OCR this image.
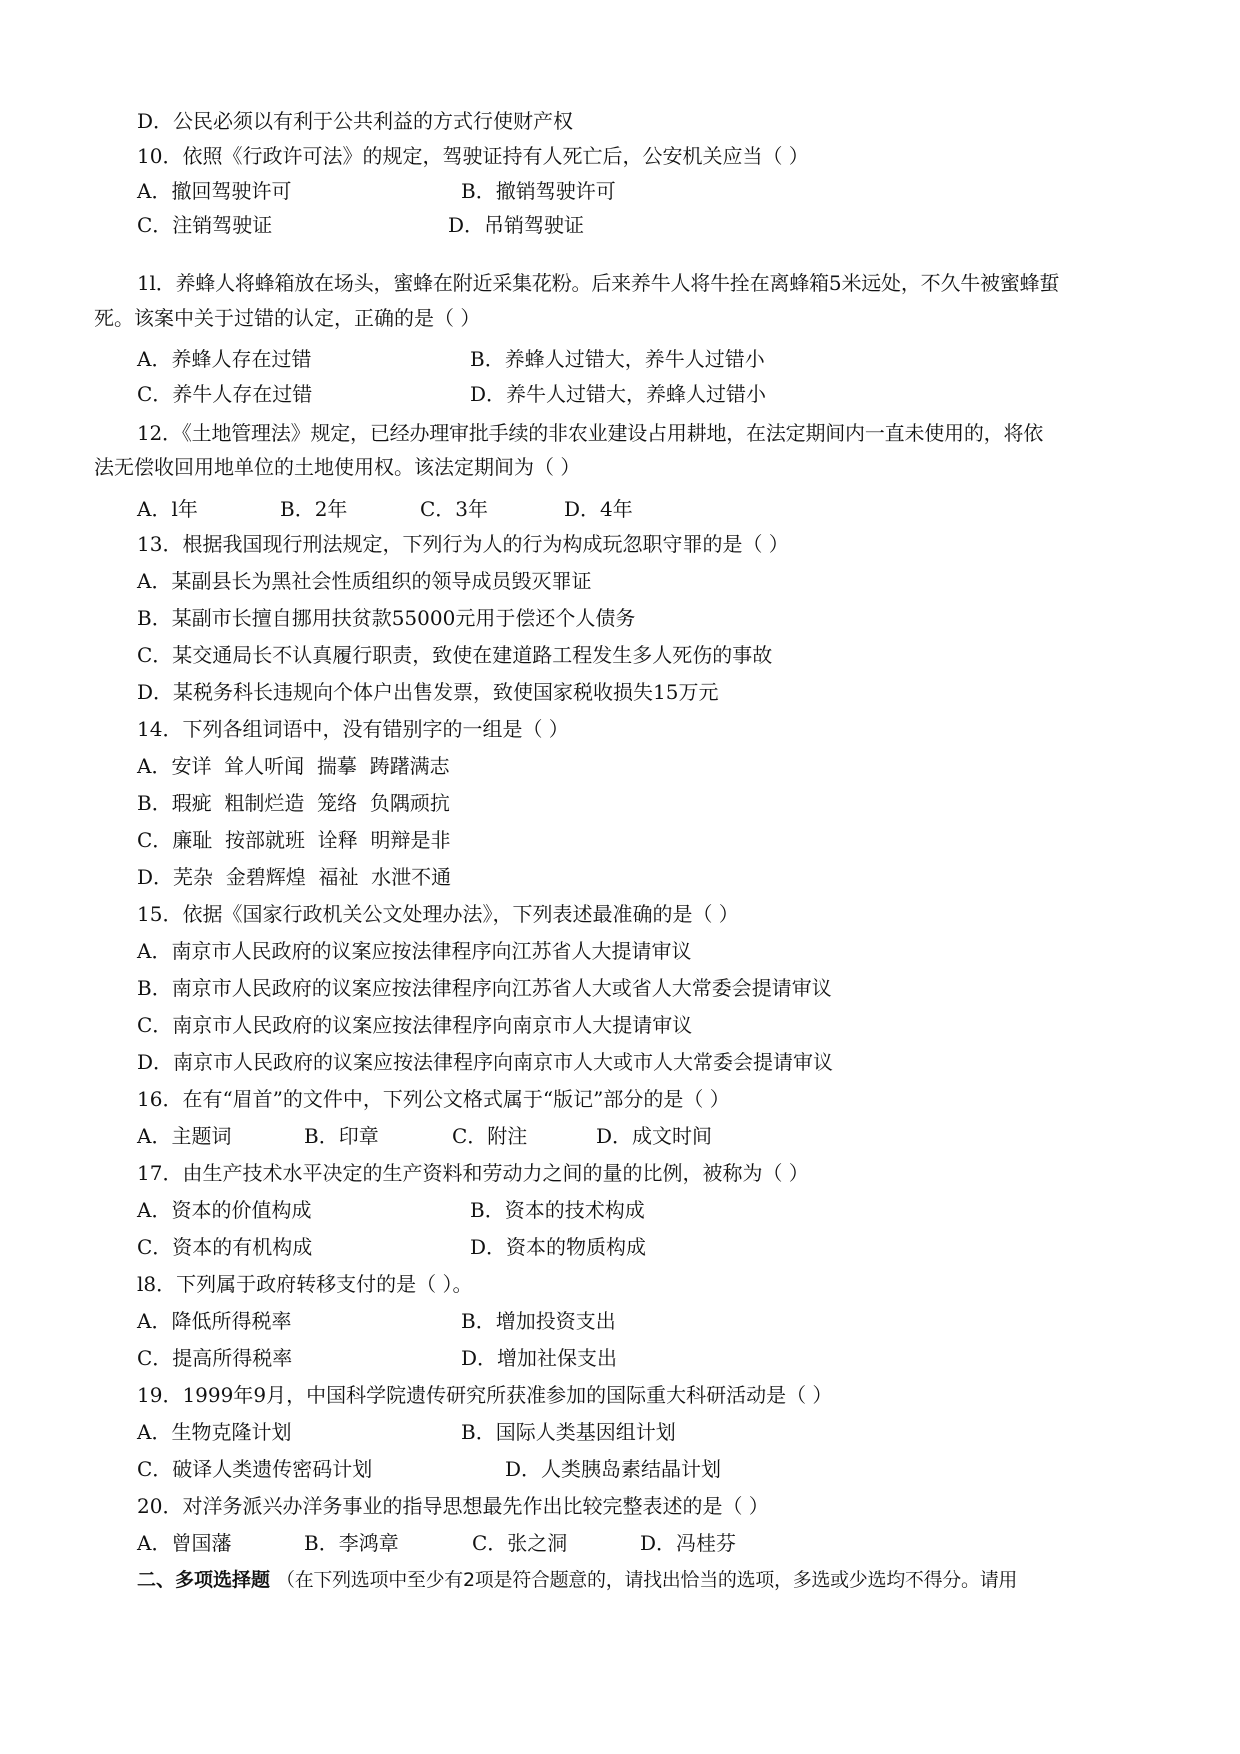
D．公民必须以有利于公共利益的方式行使财产权
10．依照《行政许可法》的规定，驾驶证持有人死亡后，公安机关应当（ ）
A．撤回驾驶许可	B．撤销驾驶许可
C．注销驾驶证	D．吊销驾驶证
1l．养蜂人将蜂箱放在场头，蜜蜂在附近采集花粉。后来养牛人将牛拴在离蜂箱5米远处，不久牛被蜜蜂蜇
死。该案中关于过错的认定，正确的是（ ）
A．养蜂人存在过错	B．养蜂人过错大，养牛人过错小
C．养牛人存在过错	D．养牛人过错大，养蜂人过错小
12．《土地管理法》规定，已经办理审批手续的非农业建设占用耕地，在法定期间内一直未使用的，将依
法无偿收回用地单位的土地使用权。该法定期间为（ ）
A．l年	B．2年	C．3年	D．4年
13．根据我国现行刑法规定，下列行为人的行为构成玩忽职守罪的是（ ）
A．某副县长为黑社会性质组织的领导成员毁灭罪证
B．某副市长擅自挪用扶贫款55000元用于偿还个人债务
C．某交通局长不认真履行职责，致使在建道路工程发生多人死伤的事故
D．某税务科长违规向个体户出售发票，致使国家税收损失15万元
14．下列各组词语中，没有错别字的一组是（ ）
A．安详  耸人听闻  揣摹  踌躇满志
B．瑕疵  粗制烂造  笼络  负隅顽抗
C．廉耻  按部就班  诠释  明辩是非
D．芜杂  金碧辉煌  福祉  水泄不通
15．依据《国家行政机关公文处理办法》，下列表述最准确的是（ ）
A．南京市人民政府的议案应按法律程序向江苏省人大提请审议
B．南京市人民政府的议案应按法律程序向江苏省人大或省人大常委会提请审议
C．南京市人民政府的议案应按法律程序向南京市人大提请审议
D．南京市人民政府的议案应按法律程序向南京市人大或市人大常委会提请审议
16．在有“眉首”的文件中，下列公文格式属于“版记”部分的是（ ）
A．主题词	B．印章	C．附注	D．成文时间
17．由生产技术水平决定的生产资料和劳动力之间的量的比例，被称为（ ）
A．资本的价值构成	B．资本的技术构成
C．资本的有机构成	D．资本的物质构成
l8．下列属于政府转移支付的是（ ）。
A．降低所得税率	B．增加投资支出
C．提高所得税率	D．增加社保支出
19．1999年9月，中国科学院遗传研究所获准参加的国际重大科研活动是（ ）
A．生物克隆计划	B．国际人类基因组计划
C．破译人类遗传密码计划	D．人类胰岛素结晶计划
20．对洋务派兴办洋务事业的指导思想最先作出比较完整表述的是（ ）
A．曾国藩	B．李鸿章	C．张之洞	D．冯桂芬
二、多项选择题 （在下列选项中至少有2项是符合题意的，请找出恰当的选项，多选或少选均不得分。请用
